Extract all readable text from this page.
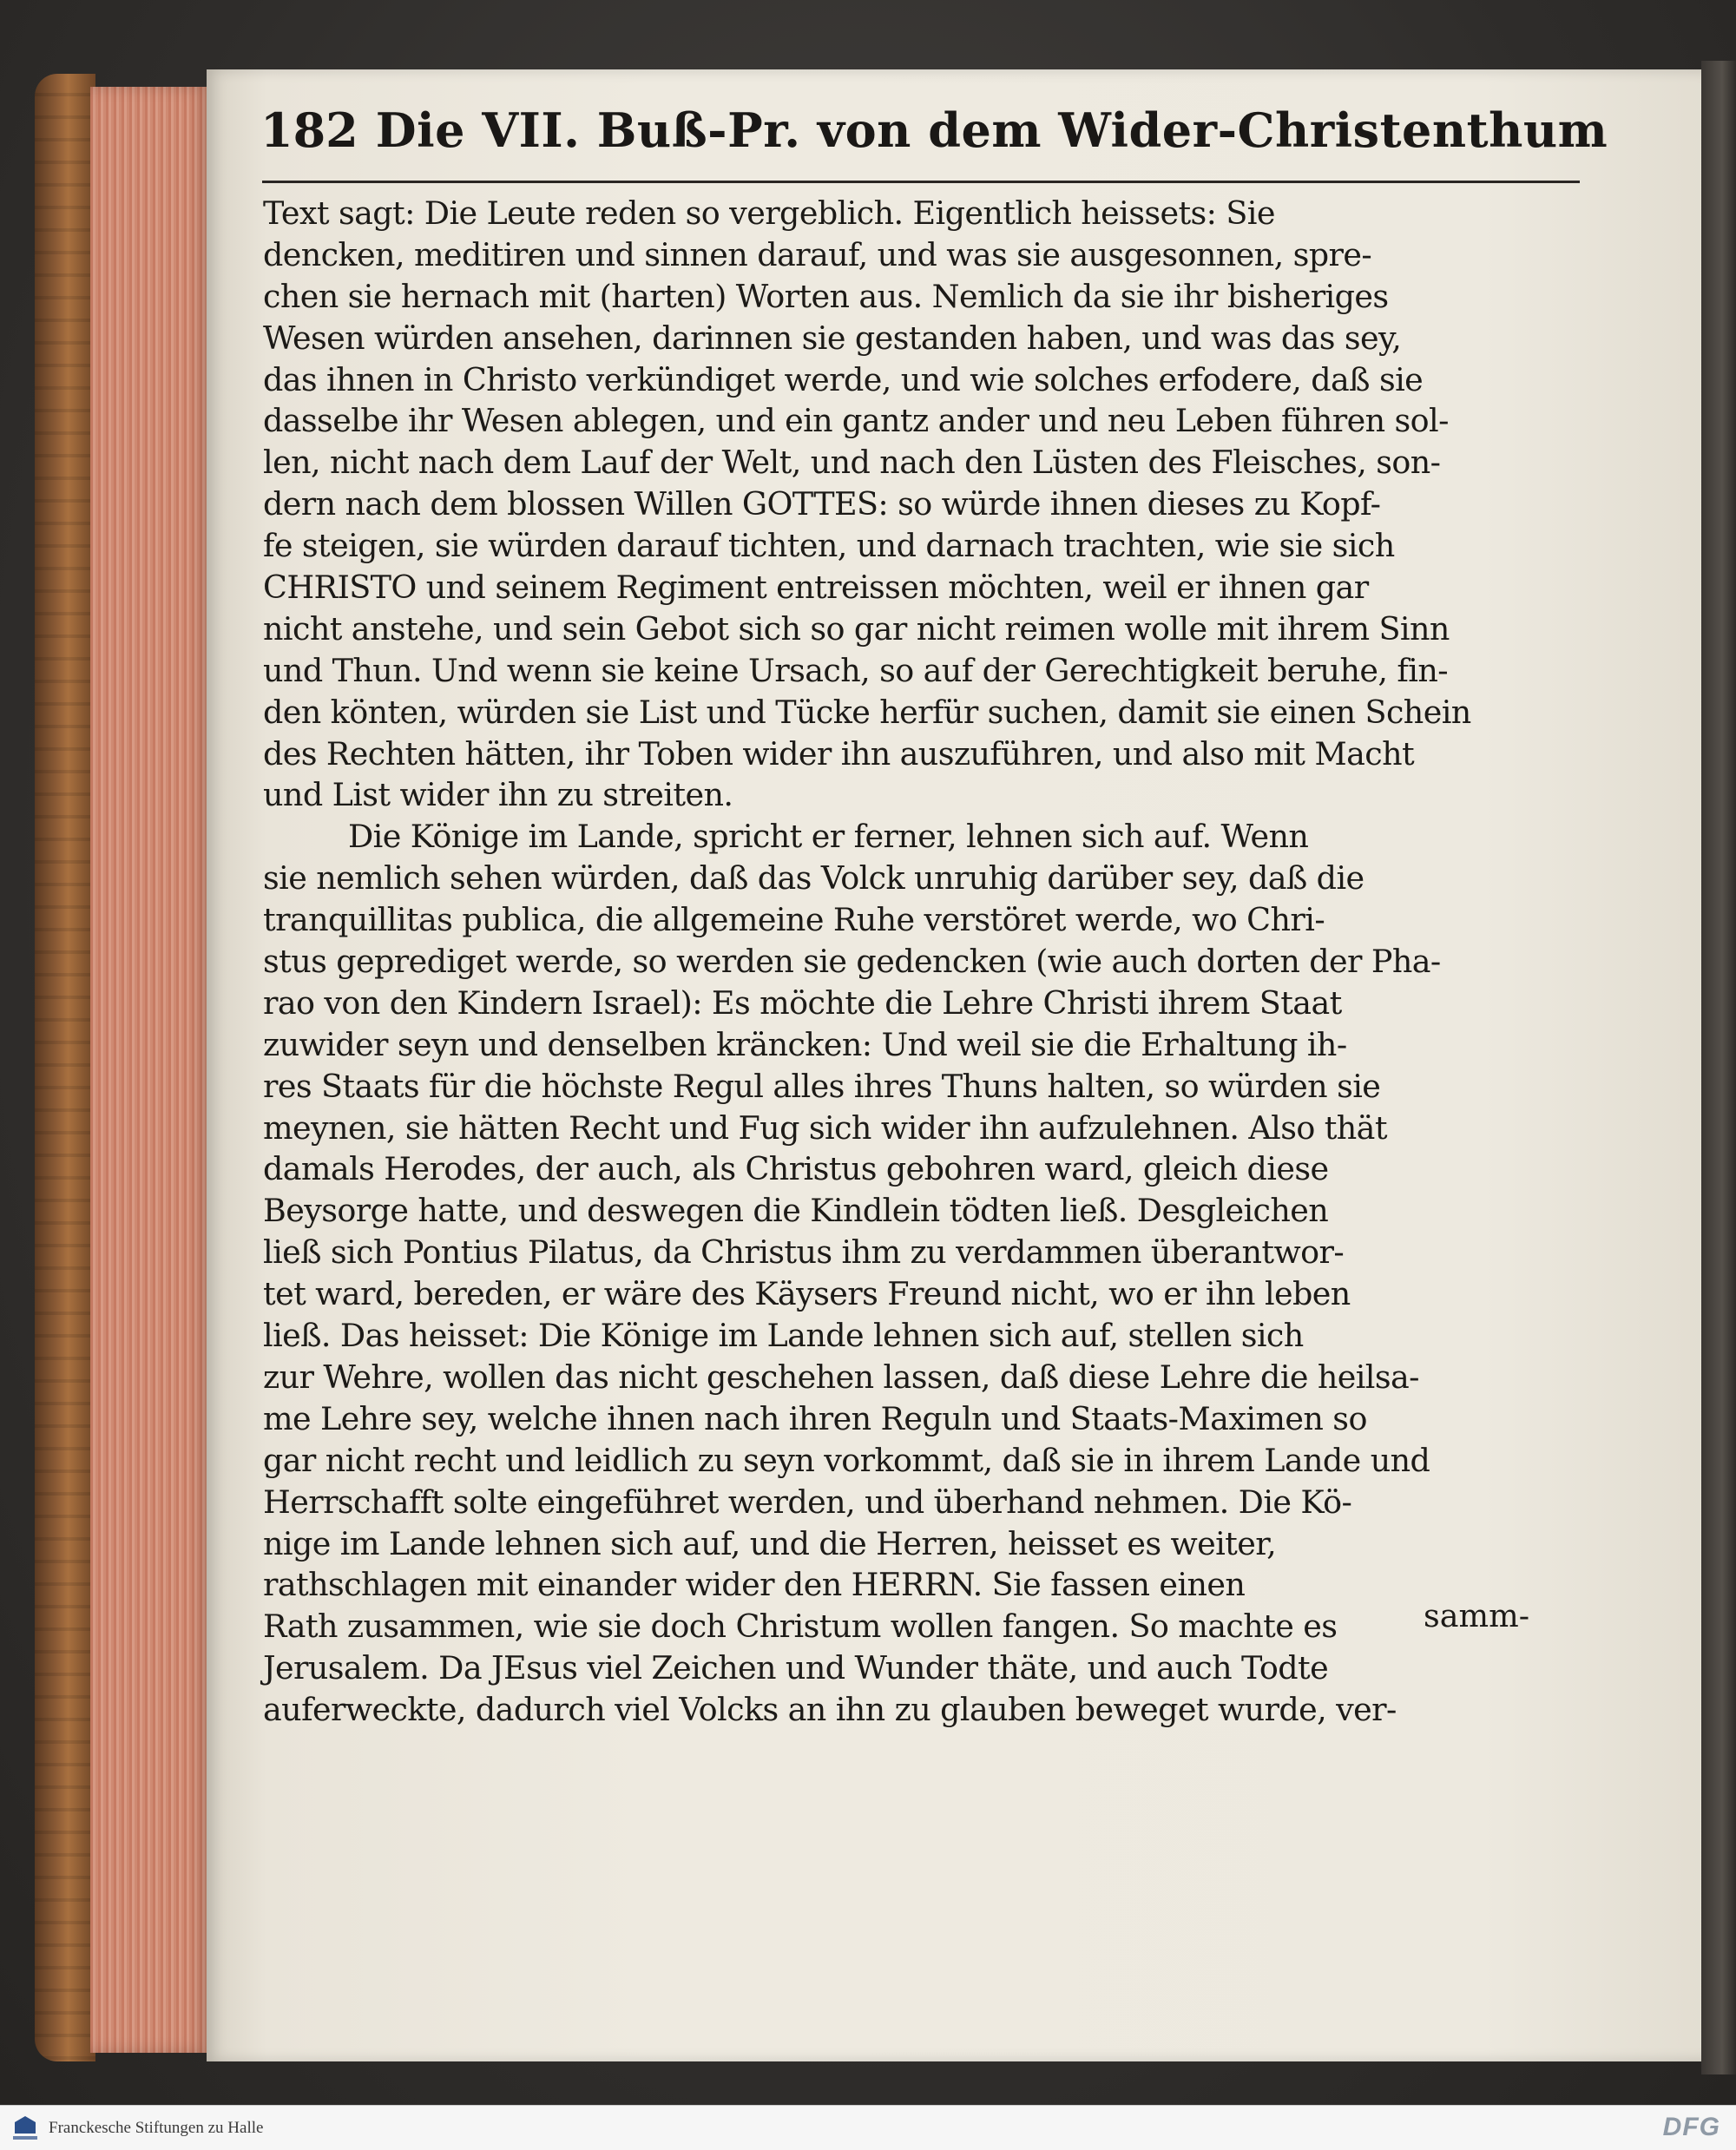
182 Die VII. Buß-Pr. von dem Wider-Christenthum
Text sagt: Die Leute reden so vergeblich. Eigentlich heissets: Sie
dencken, meditiren und sinnen darauf, und was sie ausgesonnen, spre-
chen sie hernach mit (harten) Worten aus. Nemlich da sie ihr bisheriges
Wesen würden ansehen, darinnen sie gestanden haben, und was das sey,
das ihnen in Christo verkündiget werde, und wie solches erfodere, daß sie
dasselbe ihr Wesen ablegen, und ein gantz ander und neu Leben führen sol-
len, nicht nach dem Lauf der Welt, und nach den Lüsten des Fleisches, son-
dern nach dem blossen Willen GOTTES: so würde ihnen dieses zu Kopf-
fe steigen, sie würden darauf tichten, und darnach trachten, wie sie sich
CHRISTO und seinem Regiment entreissen möchten, weil er ihnen gar
nicht anstehe, und sein Gebot sich so gar nicht reimen wolle mit ihrem Sinn
und Thun. Und wenn sie keine Ursach, so auf der Gerechtigkeit beruhe, fin-
den könten, würden sie List und Tücke herfür suchen, damit sie einen Schein
des Rechten hätten, ihr Toben wider ihn auszuführen, und also mit Macht
und List wider ihn zu streiten.
Die Könige im Lande, spricht er ferner, lehnen sich auf. Wenn
sie nemlich sehen würden, daß das Volck unruhig darüber sey, daß die
tranquillitas publica, die allgemeine Ruhe verstöret werde, wo Chri-
stus geprediget werde, so werden sie gedencken (wie auch dorten der Pha-
rao von den Kindern Israel): Es möchte die Lehre Christi ihrem Staat
zuwider seyn und denselben kräncken: Und weil sie die Erhaltung ih-
res Staats für die höchste Regul alles ihres Thuns halten, so würden sie
meynen, sie hätten Recht und Fug sich wider ihn aufzulehnen. Also thät
damals Herodes, der auch, als Christus gebohren ward, gleich diese
Beysorge hatte, und deswegen die Kindlein tödten ließ. Desgleichen
ließ sich Pontius Pilatus, da Christus ihm zu verdammen überantwor-
tet ward, bereden, er wäre des Käysers Freund nicht, wo er ihn leben
ließ. Das heisset: Die Könige im Lande lehnen sich auf, stellen sich
zur Wehre, wollen das nicht geschehen lassen, daß diese Lehre die heilsa-
me Lehre sey, welche ihnen nach ihren Reguln und Staats-Maximen so
gar nicht recht und leidlich zu seyn vorkommt, daß sie in ihrem Lande und
Herrschafft solte eingeführet werden, und überhand nehmen. Die Kö-
nige im Lande lehnen sich auf, und die Herren, heisset es weiter,
rathschlagen mit einander wider den HERRN. Sie fassen einen
Rath zusammen, wie sie doch Christum wollen fangen. So machte es
Jerusalem. Da JEsus viel Zeichen und Wunder thäte, und auch Todte
auferweckte, dadurch viel Volcks an ihn zu glauben beweget wurde, ver-
samm-
Franckesche Stiftungen zu Halle	DFG
